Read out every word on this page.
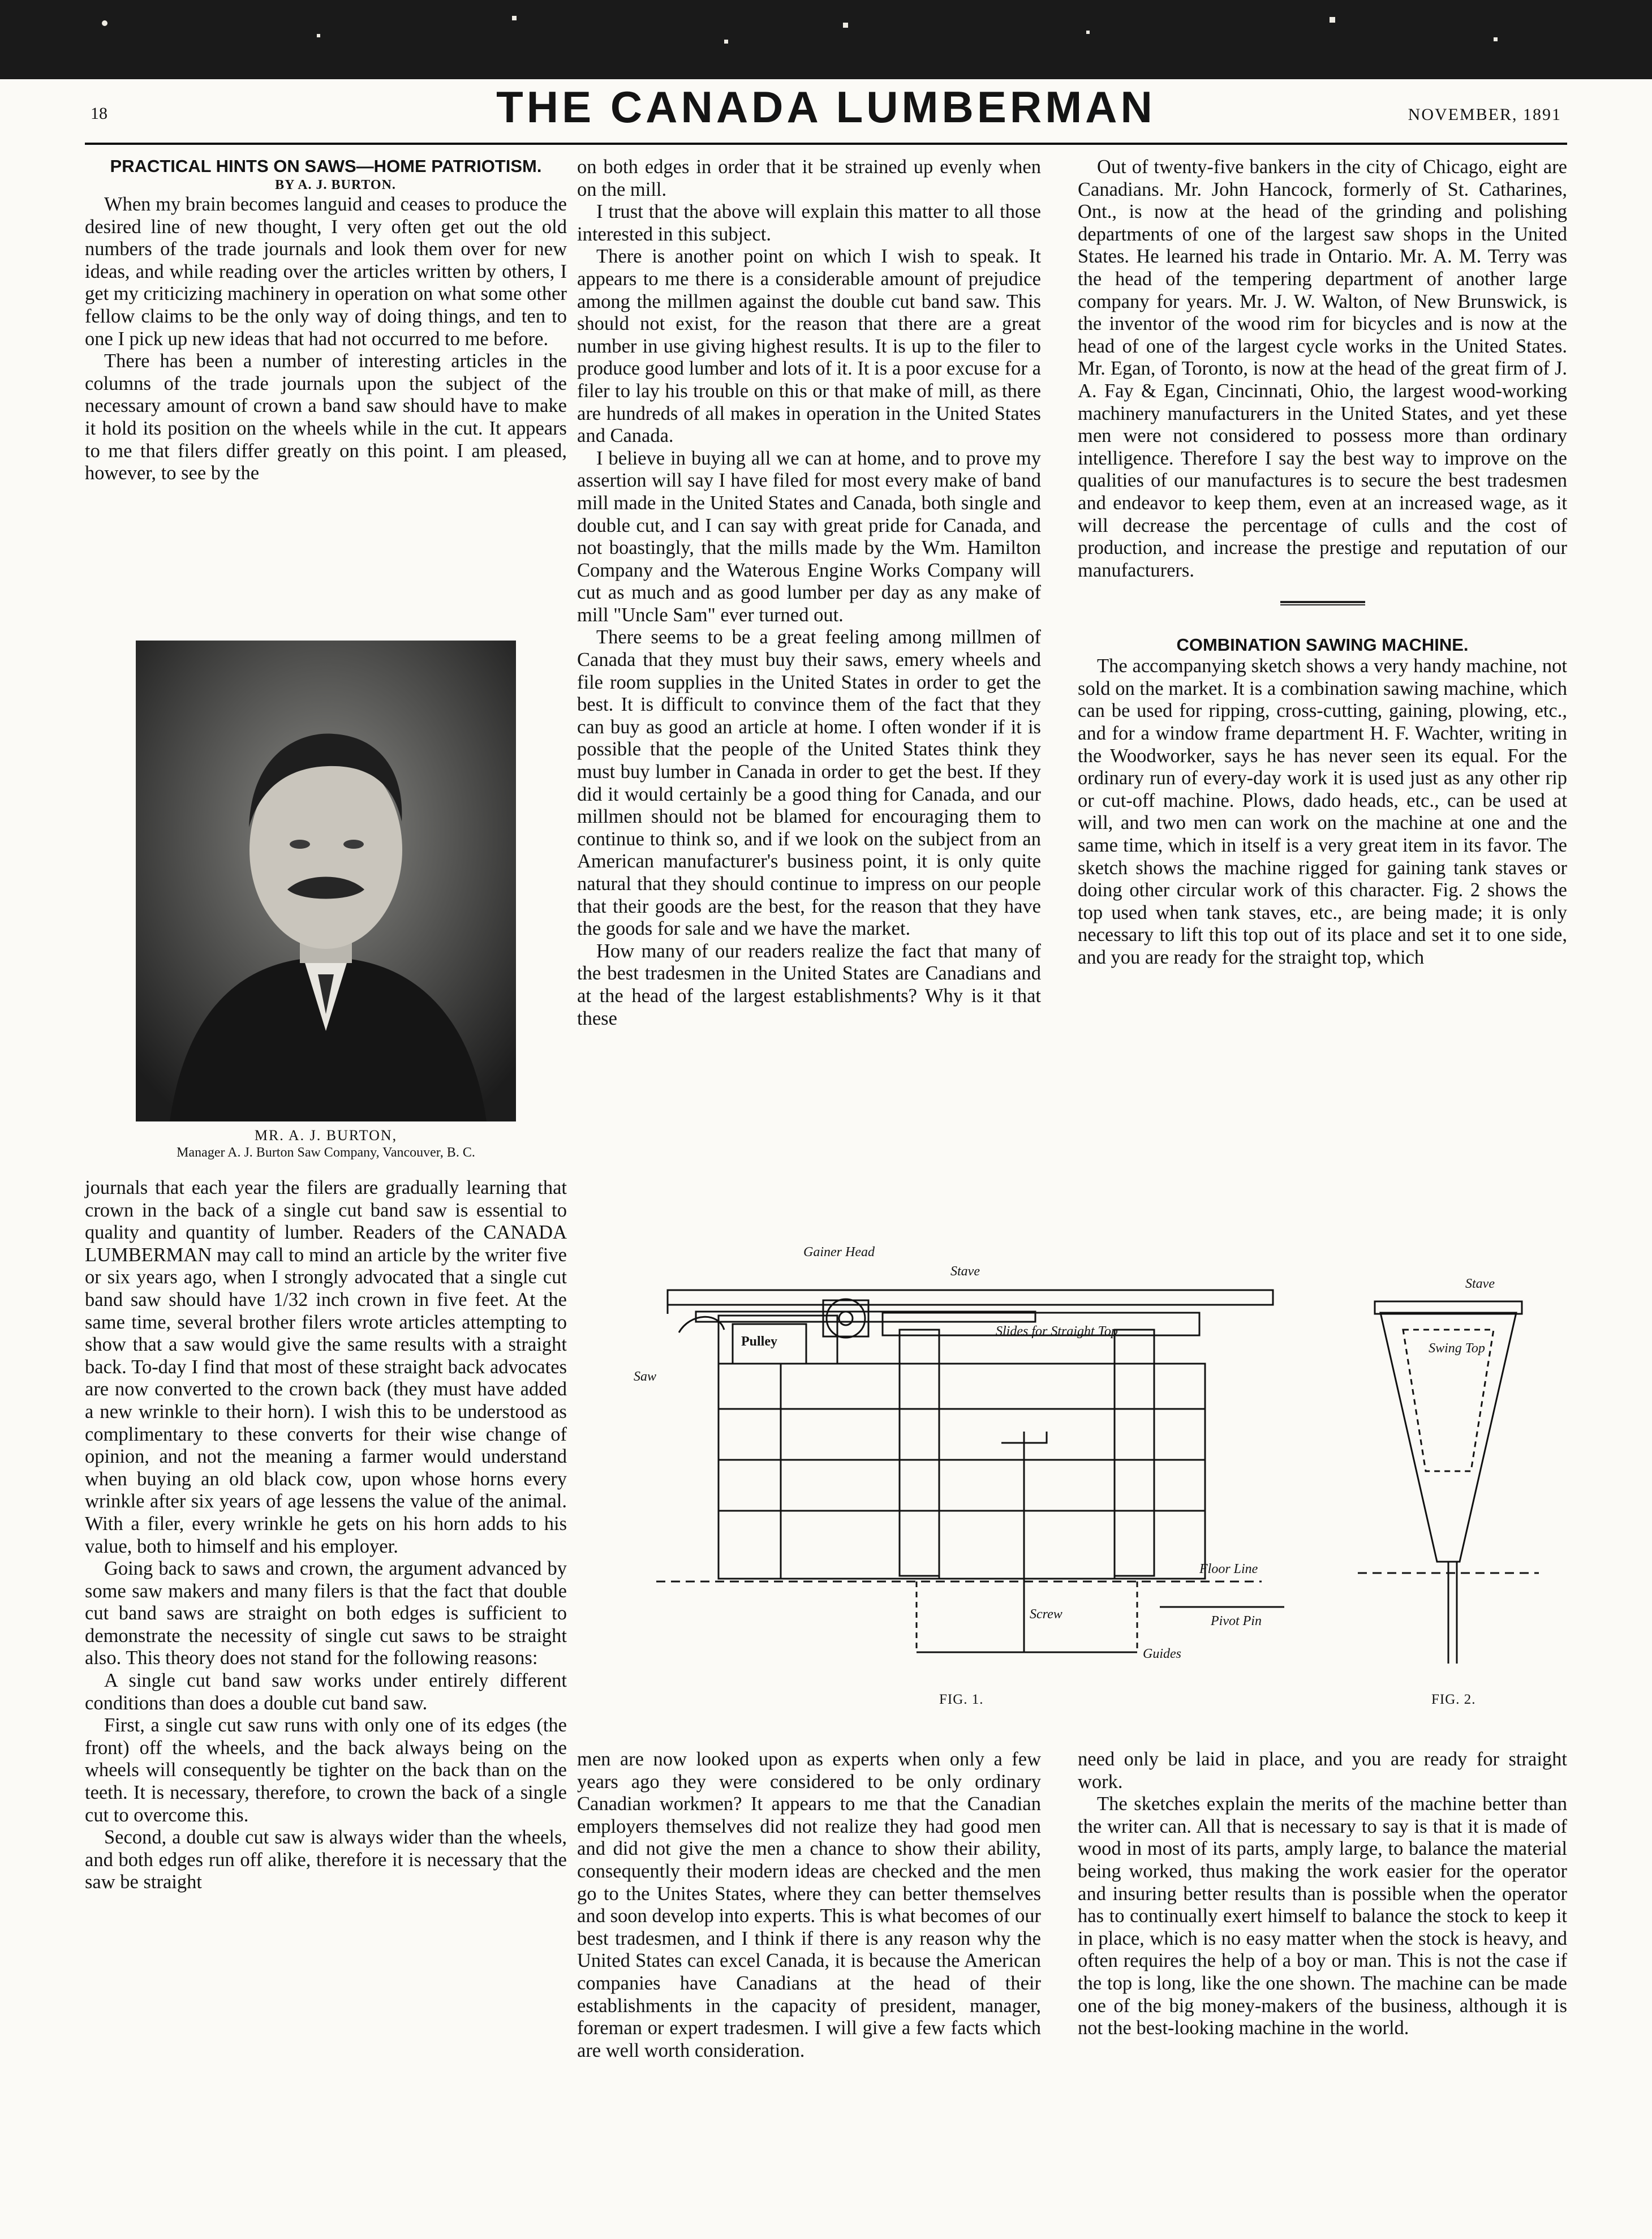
18	THE CANADA LUMBERMAN	NOVEMBER, 1891

PRACTICAL HINTS ON SAWS—HOME PATRIOTISM.

BY A. J. BURTON.

When my brain becomes languid and ceases to produce the desired line of new thought, I very often get out the old numbers of the trade journals and look them over for new ideas, and while reading over the articles written by others, I get my criticizing machinery in operation on what some other fellow claims to be the only way of doing things, and ten to one I pick up new ideas that had not occurred to me before.

There has been a number of interesting articles in the columns of the trade journals upon the subject of the necessary amount of crown a band saw should have to make it hold its position on the wheels while in the cut. It appears to me that filers differ greatly on this point. I am pleased, however, to see by the

MR. A. J. BURTON,
Manager A. J. Burton Saw Company, Vancouver, B. C.

journals that each year the filers are gradually learning that crown in the back of a single cut band saw is essential to quality and quantity of lumber. Readers of the CANADA LUMBERMAN may call to mind an article by the writer five or six years ago, when I strongly advocated that a single cut band saw should have 1/32 inch crown in five feet. At the same time, several brother filers wrote articles attempting to show that a saw would give the same results with a straight back. To-day I find that most of these straight back advocates are now converted to the crown back (they must have added a new wrinkle to their horn). I wish this to be understood as complimentary to these converts for their wise change of opinion, and not the meaning a farmer would understand when buying an old black cow, upon whose horns every wrinkle after six years of age lessens the value of the animal. With a filer, every wrinkle he gets on his horn adds to his value, both to himself and his employer.

Going back to saws and crown, the argument advanced by some saw makers and many filers is that the fact that double cut band saws are straight on both edges is sufficient to demonstrate the necessity of single cut saws to be straight also. This theory does not stand for the following reasons:

A single cut band saw works under entirely different conditions than does a double cut band saw.

First, a single cut saw runs with only one of its edges (the front) off the wheels, and the back always being on the wheels will consequently be tighter on the back than on the teeth. It is necessary, therefore, to crown the back of a single cut to overcome this.

Second, a double cut saw is always wider than the wheels, and both edges run off alike, therefore it is necessary that the saw be straight

on both edges in order that it be strained up evenly when on the mill.

I trust that the above will explain this matter to all those interested in this subject.

There is another point on which I wish to speak. It appears to me there is a considerable amount of prejudice among the millmen against the double cut band saw. This should not exist, for the reason that there are a great number in use giving highest results. It is up to the filer to produce good lumber and lots of it. It is a poor excuse for a filer to lay his trouble on this or that make of mill, as there are hundreds of all makes in operation in the United States and Canada.

I believe in buying all we can at home, and to prove my assertion will say I have filed for most every make of band mill made in the United States and Canada, both single and double cut, and I can say with great pride for Canada, and not boastingly, that the mills made by the Wm. Hamilton Company and the Waterous Engine Works Company will cut as much and as good lumber per day as any make of mill "Uncle Sam" ever turned out.

There seems to be a great feeling among millmen of Canada that they must buy their saws, emery wheels and file room supplies in the United States in order to get the best. It is difficult to convince them of the fact that they can buy as good an article at home. I often wonder if it is possible that the people of the United States think they must buy lumber in Canada in order to get the best. If they did it would certainly be a good thing for Canada, and our millmen should not be blamed for encouraging them to continue to think so, and if we look on the subject from an American manufacturer's business point, it is only quite natural that they should continue to impress on our people that their goods are the best, for the reason that they have the goods for sale and we have the market.

How many of our readers realize the fact that many of the best tradesmen in the United States are Canadians and at the head of the largest establishments? Why is it that these

Out of twenty-five bankers in the city of Chicago, eight are Canadians. Mr. John Hancock, formerly of St. Catharines, Ont., is now at the head of the grinding and polishing departments of one of the largest saw shops in the United States. He learned his trade in Ontario. Mr. A. M. Terry was the head of the tempering department of another large company for years. Mr. J. W. Walton, of New Brunswick, is the inventor of the wood rim for bicycles and is now at the head of one of the largest cycle works in the United States. Mr. Egan, of Toronto, is now at the head of the great firm of J. A. Fay & Egan, Cincinnati, Ohio, the largest wood-working machinery manufacturers in the United States, and yet these men were not considered to possess more than ordinary intelligence. Therefore I say the best way to improve on the qualities of our manufactures is to secure the best tradesmen and endeavor to keep them, even at an increased wage, as it will decrease the percentage of culls and the cost of production, and increase the prestige and reputation of our manufacturers.

COMBINATION SAWING MACHINE.

The accompanying sketch shows a very handy machine, not sold on the market. It is a combination sawing machine, which can be used for ripping, cross-cutting, gaining, plowing, etc., and for a window frame department H. F. Wachter, writing in the Woodworker, says he has never seen its equal. For the ordinary run of every-day work it is used just as any other rip or cut-off machine. Plows, dado heads, etc., can be used at will, and two men can work on the machine at one and the same time, which in itself is a very great item in its favor. The sketch shows the machine rigged for gaining tank staves or doing other circular work of this character. Fig. 2 shows the top used when tank staves, etc., are being made; it is only necessary to lift this top out of its place and set it to one side, and you are ready for the straight top, which

Gainer Head
Stave
Pulley
Slides for Straight Top
Saw
Floor Line
Screw	Pivot Pin
Guides
Stave
Swing Top
FIG. 1.	FIG. 2.

men are now looked upon as experts when only a few years ago they were considered to be only ordinary Canadian workmen? It appears to me that the Canadian employers themselves did not realize they had good men and did not give the men a chance to show their ability, consequently their modern ideas are checked and the men go to the Unites States, where they can better themselves and soon develop into experts. This is what becomes of our best tradesmen, and I think if there is any reason why the United States can excel Canada, it is because the American companies have Canadians at the head of their establishments in the capacity of president, manager, foreman or expert tradesmen. I will give a few facts which are well worth consideration.

need only be laid in place, and you are ready for straight work.

The sketches explain the merits of the machine better than the writer can. All that is necessary to say is that it is made of wood in most of its parts, amply large, to balance the material being worked, thus making the work easier for the operator and insuring better results than is possible when the operator has to continually exert himself to balance the stock to keep it in place, which is no easy matter when the stock is heavy, and often requires the help of a boy or man. This is not the case if the top is long, like the one shown. The machine can be made one of the big money-makers of the business, although it is not the best-looking machine in the world.
